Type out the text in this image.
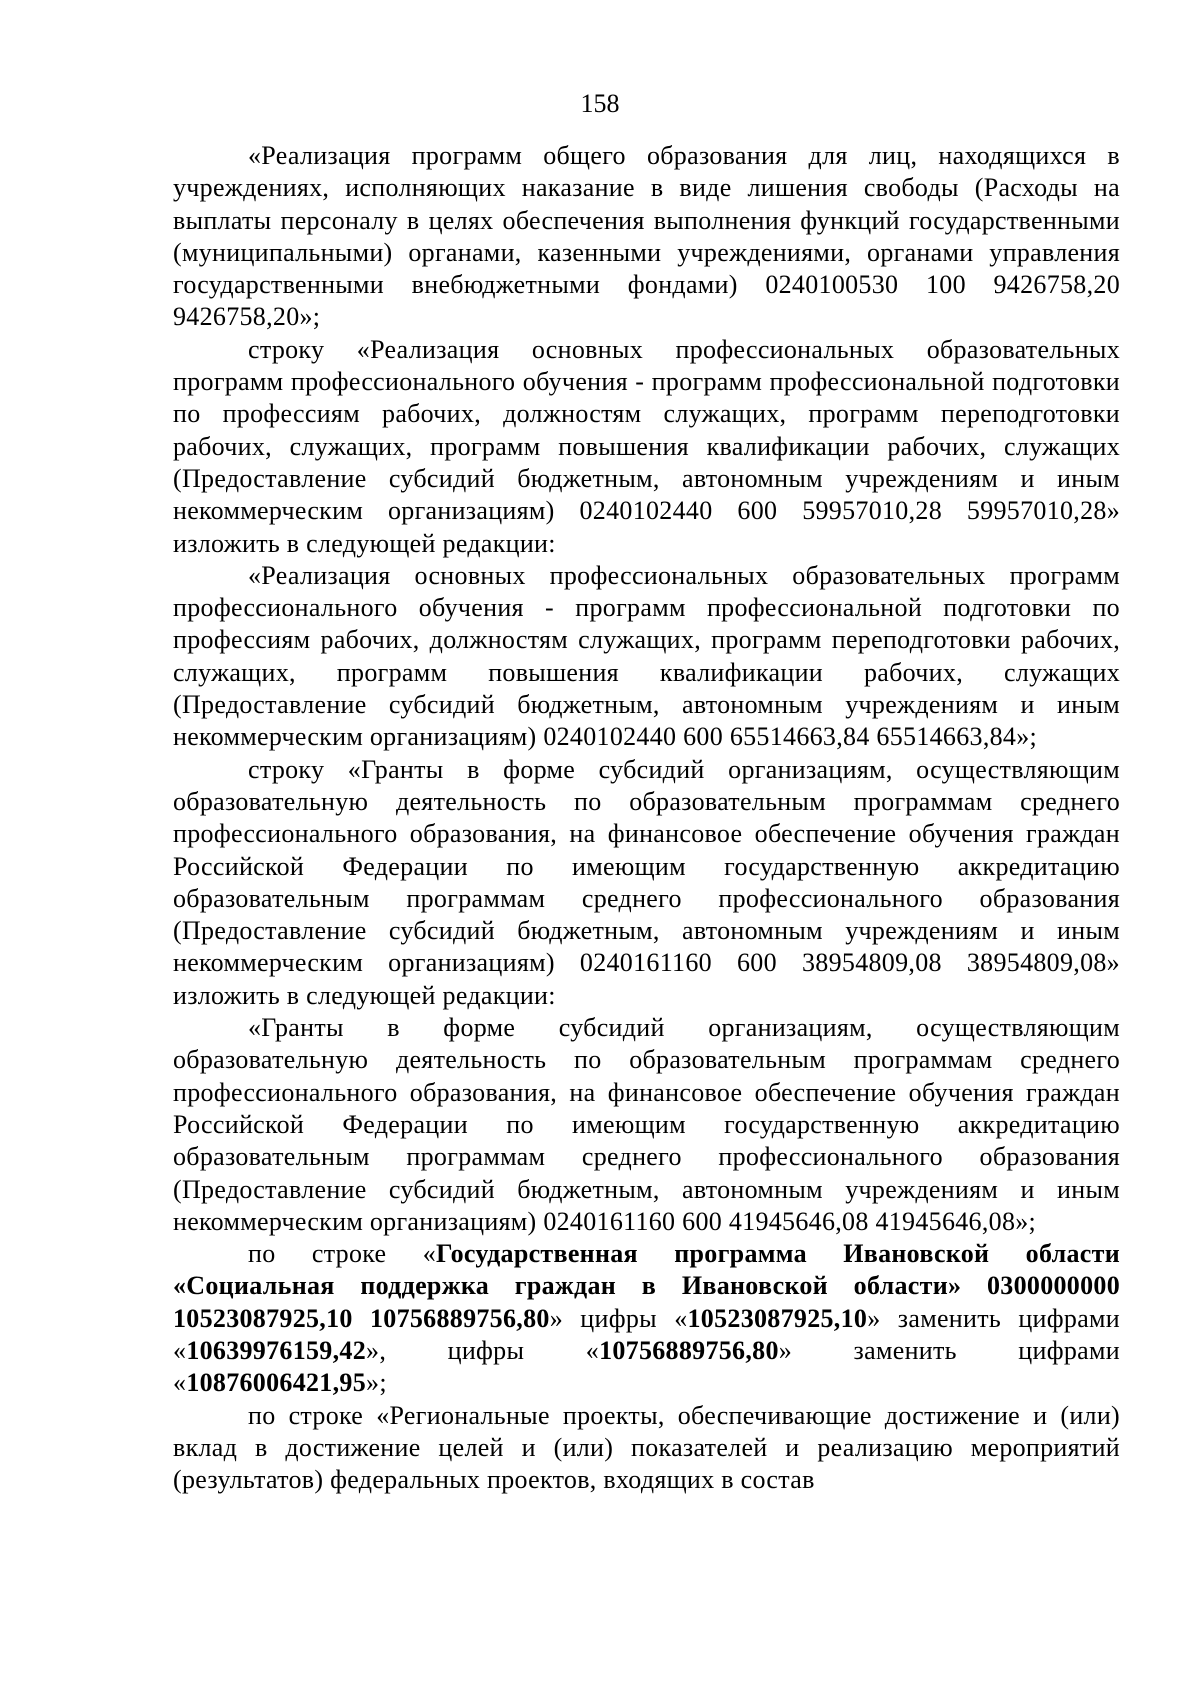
158

«Реализация программ общего образования для лиц, находящихся в учреждениях, исполняющих наказание в виде лишения свободы (Расходы на выплаты персоналу в целях обеспечения выполнения функций государственными (муниципальными) органами, казенными учреждениями, органами управления государственными внебюджетными фондами) 0240100530 100 9426758,20 9426758,20»;

строку «Реализация основных профессиональных образовательных программ профессионального обучения - программ профессиональной подготовки по профессиям рабочих, должностям служащих, программ переподготовки рабочих, служащих, программ повышения квалификации рабочих, служащих (Предоставление субсидий бюджетным, автономным учреждениям и иным некоммерческим организациям) 0240102440 600 59957010,28 59957010,28» изложить в следующей редакции:

«Реализация основных профессиональных образовательных программ профессионального обучения - программ профессиональной подготовки по профессиям рабочих, должностям служащих, программ переподготовки рабочих, служащих, программ повышения квалификации рабочих, служащих (Предоставление субсидий бюджетным, автономным учреждениям и иным некоммерческим организациям) 0240102440 600 65514663,84 65514663,84»;

строку «Гранты в форме субсидий организациям, осуществляющим образовательную деятельность по образовательным программам среднего профессионального образования, на финансовое обеспечение обучения граждан Российской Федерации по имеющим государственную аккредитацию образовательным программам среднего профессионального образования (Предоставление субсидий бюджетным, автономным учреждениям и иным некоммерческим организациям) 0240161160 600 38954809,08 38954809,08» изложить в следующей редакции:

«Гранты в форме субсидий организациям, осуществляющим образовательную деятельность по образовательным программам среднего профессионального образования, на финансовое обеспечение обучения граждан Российской Федерации по имеющим государственную аккредитацию образовательным программам среднего профессионального образования (Предоставление субсидий бюджетным, автономным учреждениям и иным некоммерческим организациям) 0240161160 600 41945646,08 41945646,08»;

по строке «Государственная программа Ивановской области «Социальная поддержка граждан в Ивановской области» 0300000000 10523087925,10 10756889756,80» цифры «10523087925,10» заменить цифрами «10639976159,42», цифры «10756889756,80» заменить цифрами «10876006421,95»;

по строке «Региональные проекты, обеспечивающие достижение и (или) вклад в достижение целей и (или) показателей и реализацию мероприятий (результатов) федеральных проектов, входящих в состав
